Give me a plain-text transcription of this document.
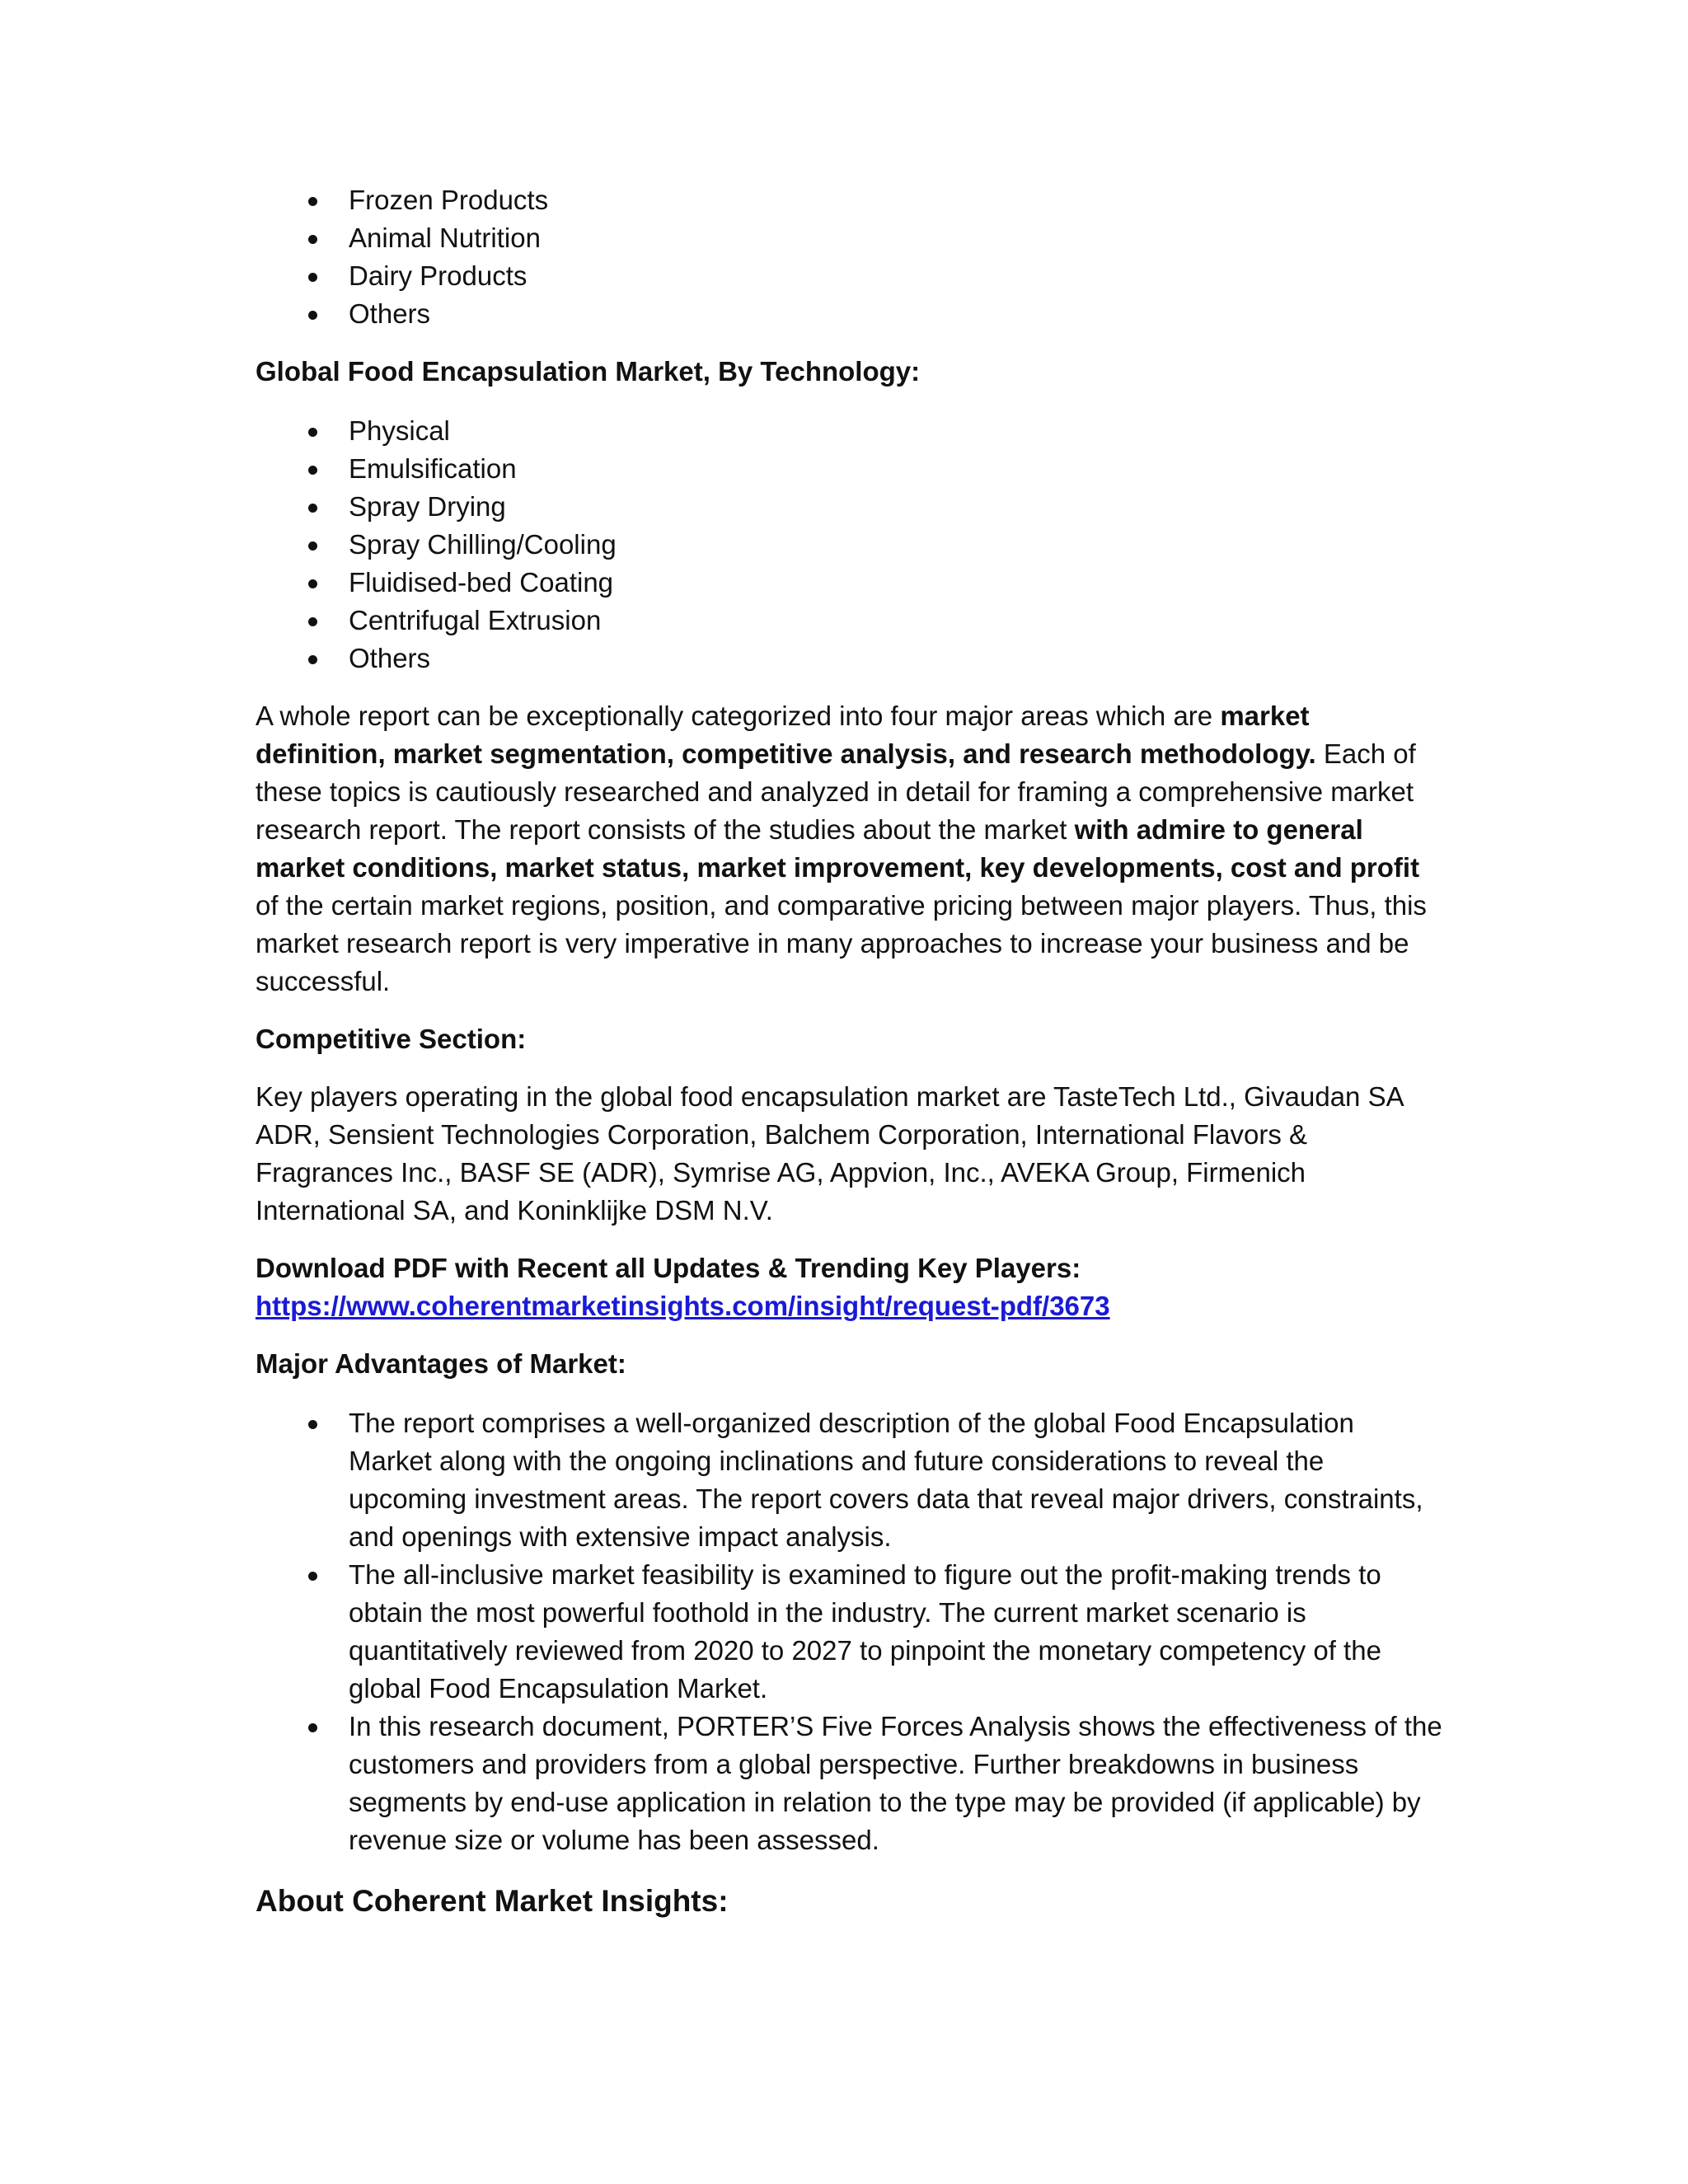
Frozen Products
Animal Nutrition
Dairy Products
Others

Global Food Encapsulation Market, By Technology:

Physical
Emulsification
Spray Drying
Spray Chilling/Cooling
Fluidised-bed Coating
Centrifugal Extrusion
Others

A whole report can be exceptionally categorized into four major areas which are market definition, market segmentation, competitive analysis, and research methodology. Each of these topics is cautiously researched and analyzed in detail for framing a comprehensive market research report. The report consists of the studies about the market with admire to general market conditions, market status, market improvement, key developments, cost and profit of the certain market regions, position, and comparative pricing between major players. Thus, this market research report is very imperative in many approaches to increase your business and be successful.

Competitive Section:

Key players operating in the global food encapsulation market are TasteTech Ltd., Givaudan SA ADR, Sensient Technologies Corporation, Balchem Corporation, International Flavors & Fragrances Inc., BASF SE (ADR), Symrise AG, Appvion, Inc., AVEKA Group, Firmenich International SA, and Koninklijke DSM N.V.

Download PDF with Recent all Updates & Trending Key Players:

https://www.coherentmarketinsights.com/insight/request-pdf/3673

Major Advantages of Market:

The report comprises a well-organized description of the global Food Encapsulation Market along with the ongoing inclinations and future considerations to reveal the upcoming investment areas. The report covers data that reveal major drivers, constraints, and openings with extensive impact analysis.
The all-inclusive market feasibility is examined to figure out the profit-making trends to obtain the most powerful foothold in the industry. The current market scenario is quantitatively reviewed from 2020 to 2027 to pinpoint the monetary competency of the global Food Encapsulation Market.
In this research document, PORTER’S Five Forces Analysis shows the effectiveness of the customers and providers from a global perspective. Further breakdowns in business segments by end-use application in relation to the type may be provided (if applicable) by revenue size or volume has been assessed.

About Coherent Market Insights:
